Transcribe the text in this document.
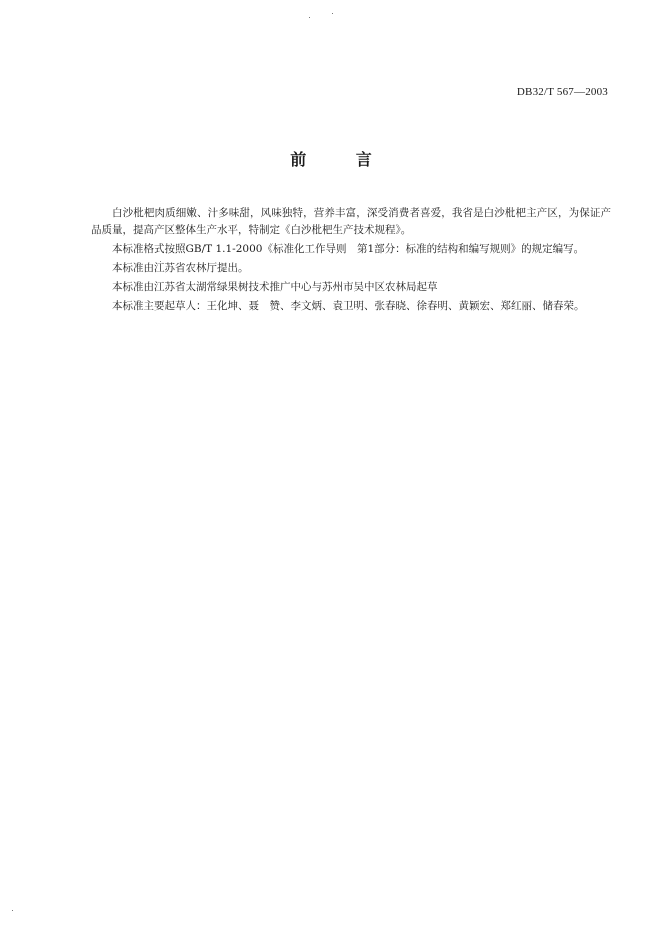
DB32/T 567—2003
前 言

白沙枇杷肉质细嫩、汁多味甜，风味独特，营养丰富，深受消费者喜爱，我省是白沙枇杷主产区，为保证产品质量，提高产区整体生产水平，特制定《白沙枇杷生产技术规程》。

本标准格式按照GB/T 1.1-2000《标准化工作导则　第1部分：标准的结构和编写规则》的规定编写。

本标准由江苏省农林厅提出。

本标准由江苏省太湖常绿果树技术推广中心与苏州市吴中区农林局起草

本标准主要起草人：王化坤、聂　赞、李文炳、袁卫明、张春晓、徐春明、黄颖宏、郑红丽、储春荣。
